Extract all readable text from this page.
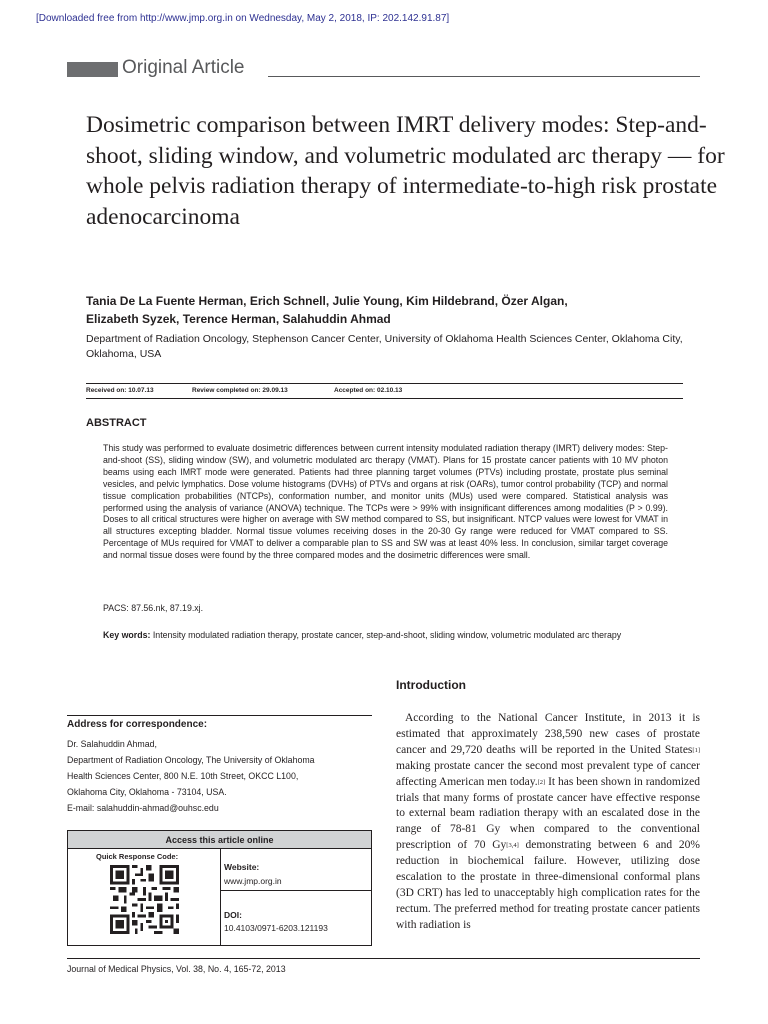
[Downloaded free from http://www.jmp.org.in on Wednesday, May 2, 2018, IP: 202.142.91.87]
Original Article
Dosimetric comparison between IMRT delivery modes: Step-and-shoot, sliding window, and volumetric modulated arc therapy — for whole pelvis radiation therapy of intermediate-to-high risk prostate adenocarcinoma
Tania De La Fuente Herman, Erich Schnell, Julie Young, Kim Hildebrand, Özer Algan,
Elizabeth Syzek, Terence Herman, Salahuddin Ahmad
Department of Radiation Oncology, Stephenson Cancer Center, University of Oklahoma Health Sciences Center, Oklahoma City, Oklahoma, USA
Received on: 10.07.13	Review completed on: 29.09.13	Accepted on: 02.10.13
ABSTRACT
This study was performed to evaluate dosimetric differences between current intensity modulated radiation therapy (IMRT) delivery modes: Step-and-shoot (SS), sliding window (SW), and volumetric modulated arc therapy (VMAT). Plans for 15 prostate cancer patients with 10 MV photon beams using each IMRT mode were generated. Patients had three planning target volumes (PTVs) including prostate, prostate plus seminal vesicles, and pelvic lymphatics. Dose volume histograms (DVHs) of PTVs and organs at risk (OARs), tumor control probability (TCP) and normal tissue complication probabilities (NTCPs), conformation number, and monitor units (MUs) used were compared. Statistical analysis was performed using the analysis of variance (ANOVA) technique. The TCPs were > 99% with insignificant differences among modalities (P > 0.99). Doses to all critical structures were higher on average with SW method compared to SS, but insignificant. NTCP values were lowest for VMAT in all structures excepting bladder. Normal tissue volumes receiving doses in the 20-30 Gy range were reduced for VMAT compared to SS. Percentage of MUs required for VMAT to deliver a comparable plan to SS and SW was at least 40% less. In conclusion, similar target coverage and normal tissue doses were found by the three compared modes and the dosimetric differences were small.
PACS: 87.56.nk, 87.19.xj.
Key words: Intensity modulated radiation therapy, prostate cancer, step-and-shoot, sliding window, volumetric modulated arc therapy
Introduction
According to the National Cancer Institute, in 2013 it is estimated that approximately 238,590 new cases of prostate cancer and 29,720 deaths will be reported in the United States[1] making prostate cancer the second most prevalent type of cancer affecting American men today.[2] It has been shown in randomized trials that many forms of prostate cancer have effective response to external beam radiation therapy with an escalated dose in the range of 78-81 Gy when compared to the conventional prescription of 70 Gy[3,4] demonstrating between 6 and 20% reduction in biochemical failure. However, utilizing dose escalation to the prostate in three-dimensional conformal plans (3D CRT) has led to unacceptably high complication rates for the rectum. The preferred method for treating prostate cancer patients with radiation is
Address for correspondence:
Dr. Salahuddin Ahmad,
Department of Radiation Oncology, The University of Oklahoma
Health Sciences Center, 800 N.E. 10th Street, OKCC L100,
Oklahoma City, Oklahoma - 73104, USA.
E-mail: salahuddin-ahmad@ouhsc.edu
Access this article online
Quick Response Code:
Website:
www.jmp.org.in
DOI:
10.4103/0971-6203.121193
Journal of Medical Physics, Vol. 38, No. 4, 165-72, 2013
